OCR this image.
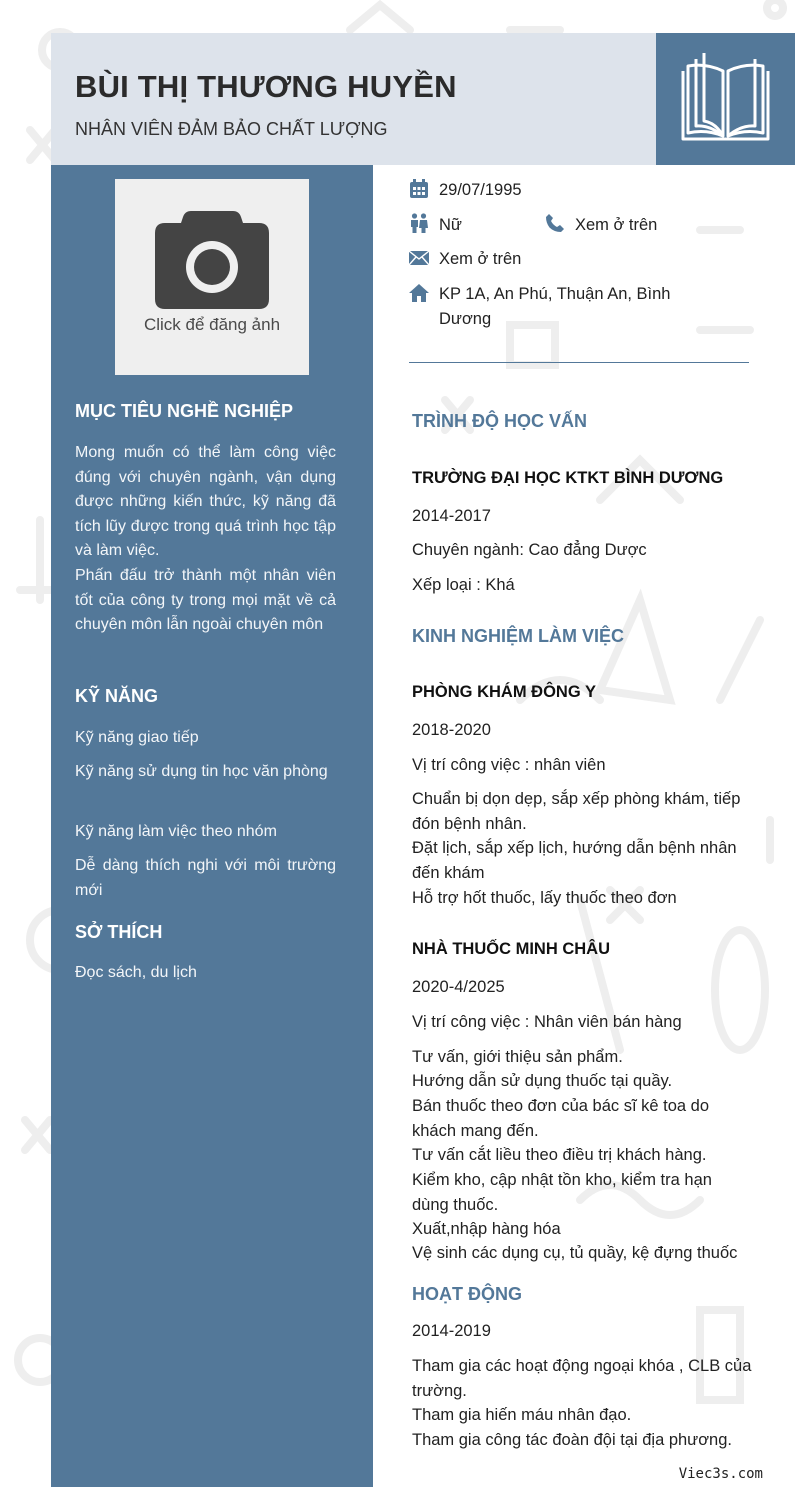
BÙI THỊ THƯƠNG HUYỀN
NHÂN VIÊN ĐẢM BẢO CHẤT LƯỢNG
Click để đăng ảnh
MỤC TIÊU NGHỀ NGHIỆP
Mong muốn có thể làm công việc đúng với chuyên ngành, vận dụng được những kiến thức, kỹ năng đã tích lũy được trong quá trình học tập và làm việc.
Phấn đấu trở thành một nhân viên tốt của công ty trong mọi mặt về cả chuyên môn lẫn ngoài chuyên môn
KỸ NĂNG
Kỹ năng giao tiếp
Kỹ năng sử dụng tin học văn phòng
Kỹ năng làm việc theo nhóm
Dễ dàng thích nghi với môi trường mới
SỞ THÍCH
Đọc sách, du lịch
29/07/1995
Nữ	Xem ở trên
Xem ở trên
KP 1A, An Phú, Thuận An, Bình Dương
TRÌNH ĐỘ HỌC VẤN
TRƯỜNG ĐẠI HỌC KTKT BÌNH DƯƠNG
2014-2017
Chuyên ngành: Cao đẳng Dược
Xếp loại : Khá
KINH NGHIỆM LÀM VIỆC
PHÒNG KHÁM ĐÔNG Y
2018-2020
Vị trí công việc : nhân viên
Chuẩn bị dọn dẹp, sắp xếp phòng khám, tiếp đón bệnh nhân.
Đặt lịch, sắp xếp lịch, hướng dẫn bệnh nhân đến khám
Hỗ trợ hốt thuốc, lấy thuốc theo đơn
NHÀ THUỐC MINH CHÂU
2020-4/2025
Vị trí công việc : Nhân viên bán hàng
Tư vấn, giới thiệu sản phẩm.
Hướng dẫn sử dụng thuốc tại quầy.
Bán thuốc theo đơn của bác sĩ kê toa do khách mang đến.
Tư vấn cắt liều theo điều trị khách hàng.
Kiểm kho, cập nhật tồn kho, kiểm tra hạn dùng thuốc.
Xuất,nhập hàng hóa
Vệ sinh các dụng cụ, tủ quầy, kệ đựng thuốc
HOẠT ĐỘNG
2014-2019
Tham gia các hoạt động ngoại khóa , CLB của trường.
Tham gia hiến máu nhân đạo.
Tham gia công tác đoàn đội tại địa phương.
Viec3s.com
